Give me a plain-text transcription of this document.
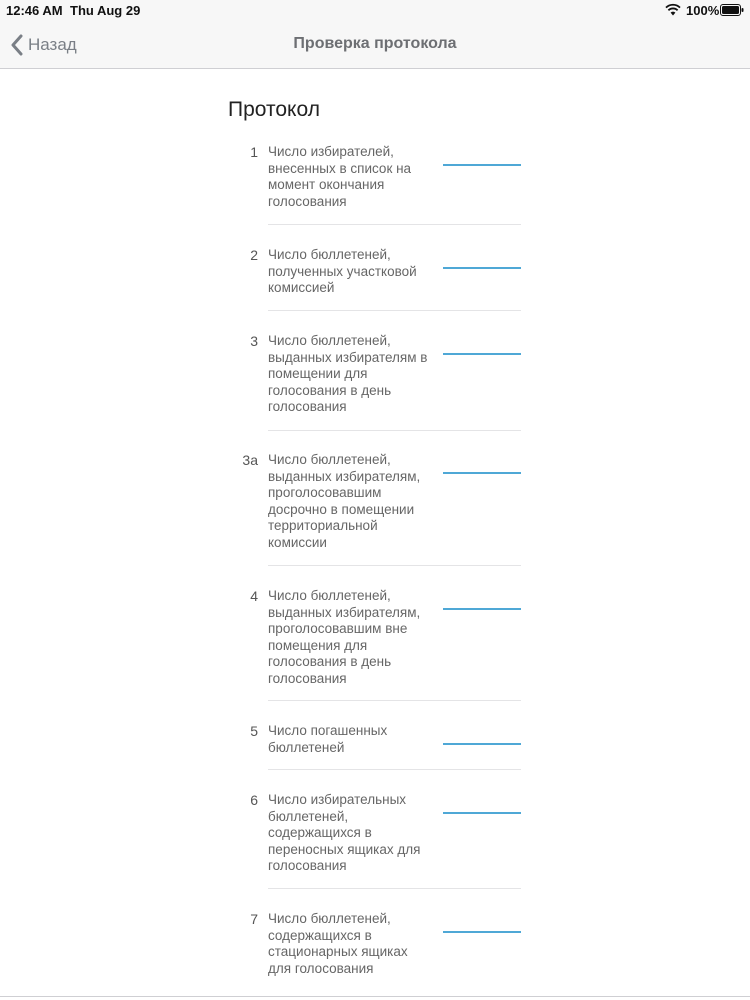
12:46 AM Thu Aug 29	100%
Назад	Проверка протокола
Протокол
1 Число избирателей, внесенных в список на момент окончания голосования
2 Число бюллетеней, полученных участковой комиссией
3 Число бюллетеней, выданных избирателям в помещении для голосования в день голосования
3а Число бюллетеней, выданных избирателям, проголосовавшим досрочно в помещении территориальной комиссии
4 Число бюллетеней, выданных избирателям, проголосовавшим вне помещения для голосования в день голосования
5 Число погашенных бюллетеней
6 Число избирательных бюллетеней, содержащихся в переносных ящиках для голосования
7 Число бюллетеней, содержащихся в стационарных ящиках для голосования
